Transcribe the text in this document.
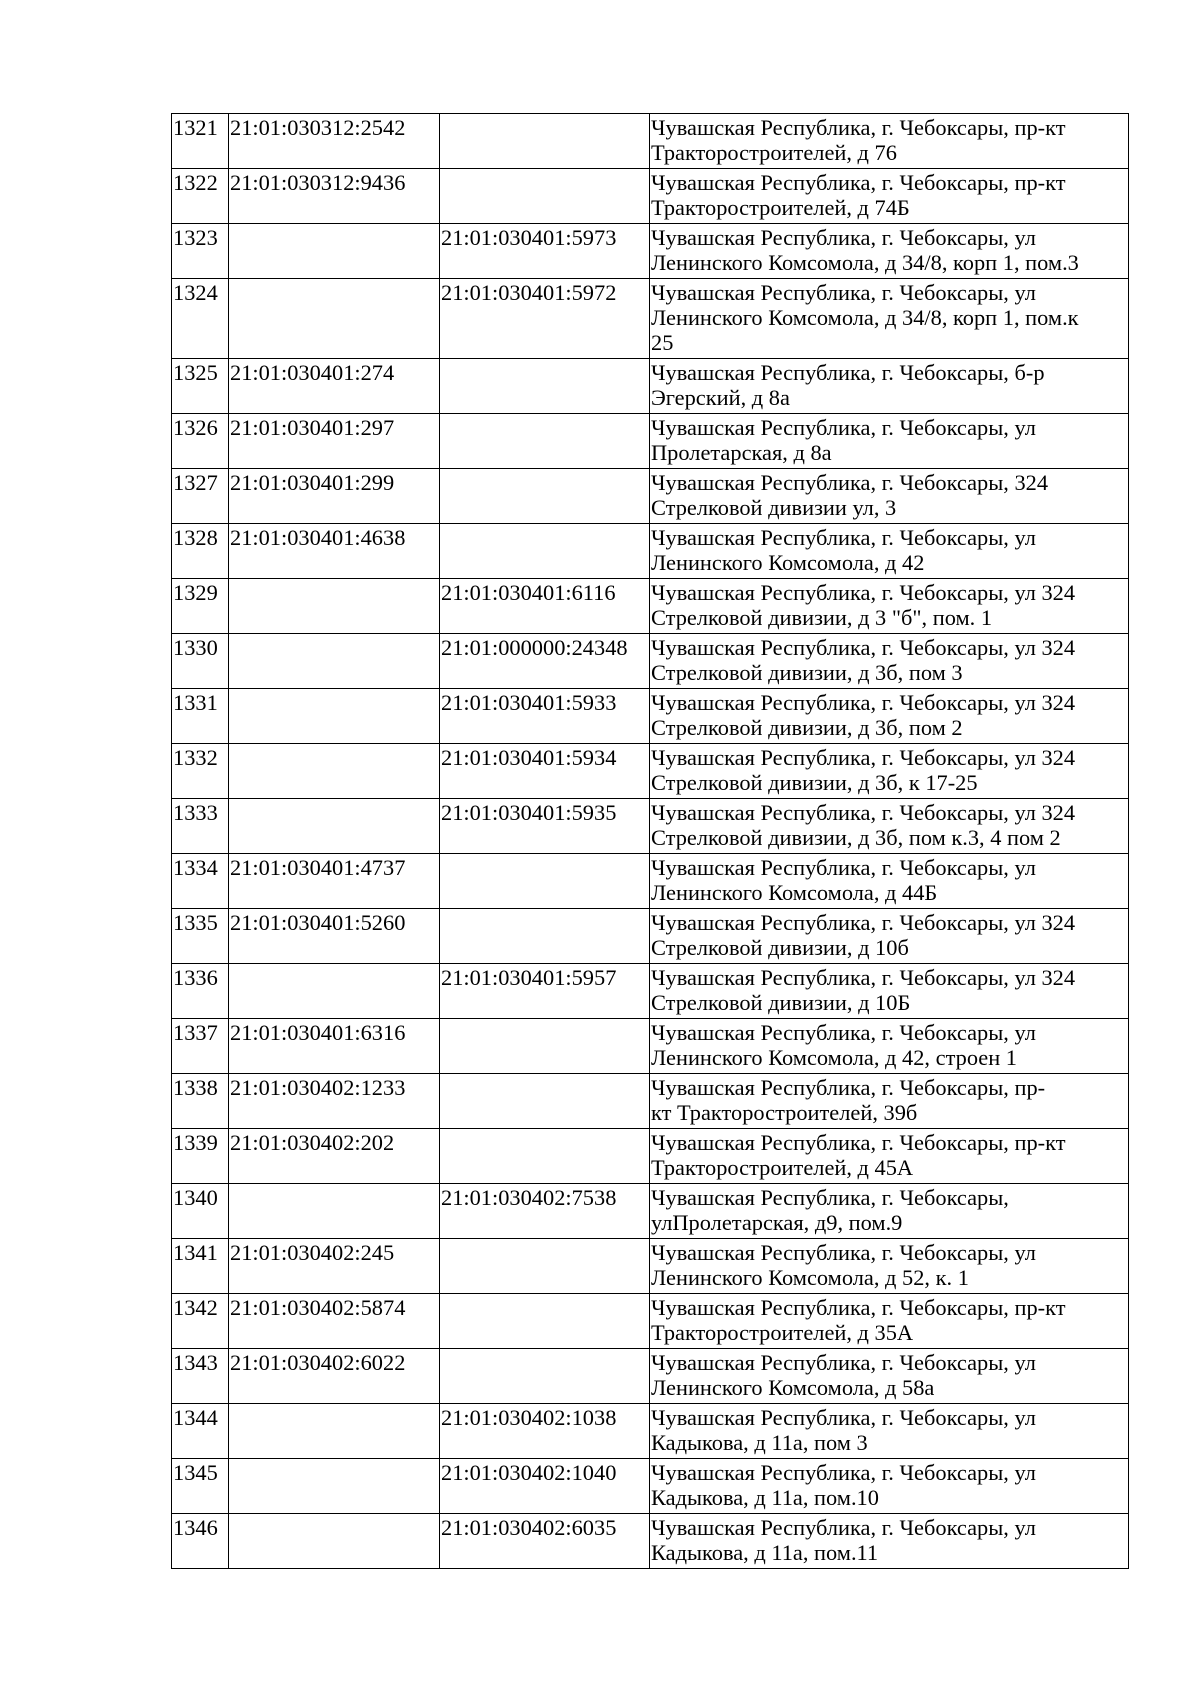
1321	21:01:030312:2542		Чувашская Республика, г. Чебоксары, пр-кт
Тракторостроителей, д 76
1322	21:01:030312:9436		Чувашская Республика, г. Чебоксары, пр-кт
Тракторостроителей, д 74Б
1323		21:01:030401:5973	Чувашская Республика, г. Чебоксары, ул
Ленинского Комсомола, д 34/8, корп 1, пом.3
1324		21:01:030401:5972	Чувашская Республика, г. Чебоксары, ул
Ленинского Комсомола, д 34/8, корп 1, пом.к
25
1325	21:01:030401:274		Чувашская Республика, г. Чебоксары, б-р
Эгерский, д 8а
1326	21:01:030401:297		Чувашская Республика, г. Чебоксары, ул
Пролетарская, д 8а
1327	21:01:030401:299		Чувашская Республика, г. Чебоксары, 324
Стрелковой дивизии ул, 3
1328	21:01:030401:4638		Чувашская Республика, г. Чебоксары, ул
Ленинского Комсомола, д 42
1329		21:01:030401:6116	Чувашская Республика, г. Чебоксары, ул 324
Стрелковой дивизии, д 3 "б", пом. 1
1330		21:01:000000:24348	Чувашская Республика, г. Чебоксары, ул 324
Стрелковой дивизии, д 3б, пом 3
1331		21:01:030401:5933	Чувашская Республика, г. Чебоксары, ул 324
Стрелковой дивизии, д 3б, пом 2
1332		21:01:030401:5934	Чувашская Республика, г. Чебоксары, ул 324
Стрелковой дивизии, д 3б, к 17-25
1333		21:01:030401:5935	Чувашская Республика, г. Чебоксары, ул 324
Стрелковой дивизии, д 3б, пом к.3, 4 пом 2
1334	21:01:030401:4737		Чувашская Республика, г. Чебоксары, ул
Ленинского Комсомола, д 44Б
1335	21:01:030401:5260		Чувашская Республика, г. Чебоксары, ул 324
Стрелковой дивизии, д 10б
1336		21:01:030401:5957	Чувашская Республика, г. Чебоксары, ул 324
Стрелковой дивизии, д 10Б
1337	21:01:030401:6316		Чувашская Республика, г. Чебоксары, ул
Ленинского Комсомола, д 42, строен 1
1338	21:01:030402:1233		Чувашская Республика, г. Чебоксары, пр-
кт Тракторостроителей, 39б
1339	21:01:030402:202		Чувашская Республика, г. Чебоксары, пр-кт
Тракторостроителей, д 45А
1340		21:01:030402:7538	Чувашская Республика, г. Чебоксары,
улПролетарская, д9, пом.9
1341	21:01:030402:245		Чувашская Республика, г. Чебоксары, ул
Ленинского Комсомола, д 52, к. 1
1342	21:01:030402:5874		Чувашская Республика, г. Чебоксары, пр-кт
Тракторостроителей, д 35А
1343	21:01:030402:6022		Чувашская Республика, г. Чебоксары, ул
Ленинского Комсомола, д 58а
1344		21:01:030402:1038	Чувашская Республика, г. Чебоксары, ул
Кадыкова, д 11а, пом 3
1345		21:01:030402:1040	Чувашская Республика, г. Чебоксары, ул
Кадыкова, д 11а, пом.10
1346		21:01:030402:6035	Чувашская Республика, г. Чебоксары, ул
Кадыкова, д 11а, пом.11
